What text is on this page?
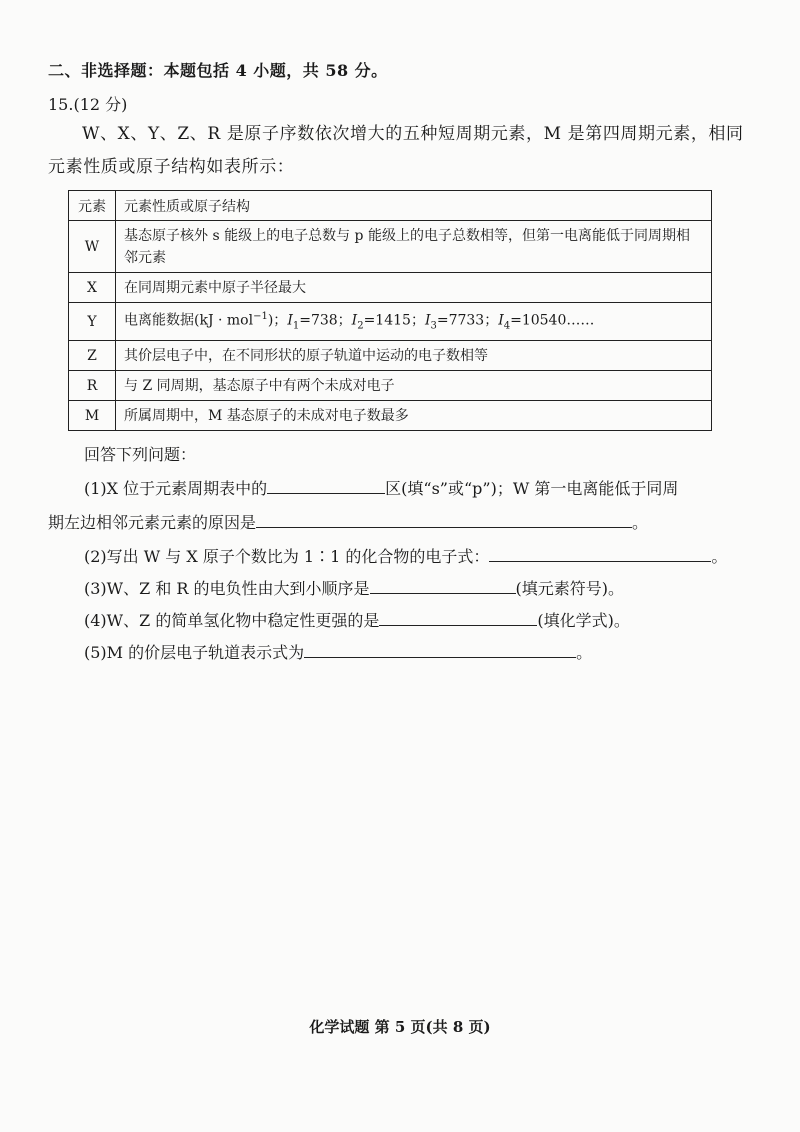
二、非选择题：本题包括 4 小题，共 58 分。
15.(12 分)
W、X、Y、Z、R 是原子序数依次增大的五种短周期元素，M 是第四周期元素，相同元素性质或原子结构如表所示：
元素	元素性质或原子结构
W	基态原子核外 s 能级上的电子总数与 p 能级上的电子总数相等，但第一电离能低于同周期相邻元素
X	在同周期元素中原子半径最大
Y	电离能数据(kJ · mol$^{-1}$)；$I_1=738$；$I_2=1415$；$I_3=7733$；$I_4=10540\dots\dots$
Z	其价层电子中，在不同形状的原子轨道中运动的电子数相等
R	与 Z 同周期，基态原子中有两个未成对电子
M	所属周期中，M 基态原子的未成对电子数最多
回答下列问题：
(1)X 位于元素周期表中的	区(填“s”或“p”)；W 第一电离能低于同周
期左边相邻元素元素的原因是	。
(2)写出 W 与 X 原子个数比为 1∶1 的化合物的电子式：	。
(3)W、Z 和 R 的电负性由大到小顺序是	(填元素符号)。
(4)W、Z 的简单氢化物中稳定性更强的是	(填化学式)。
(5)M 的价层电子轨道表示式为	。
化学试题 第 5 页(共 8 页)
